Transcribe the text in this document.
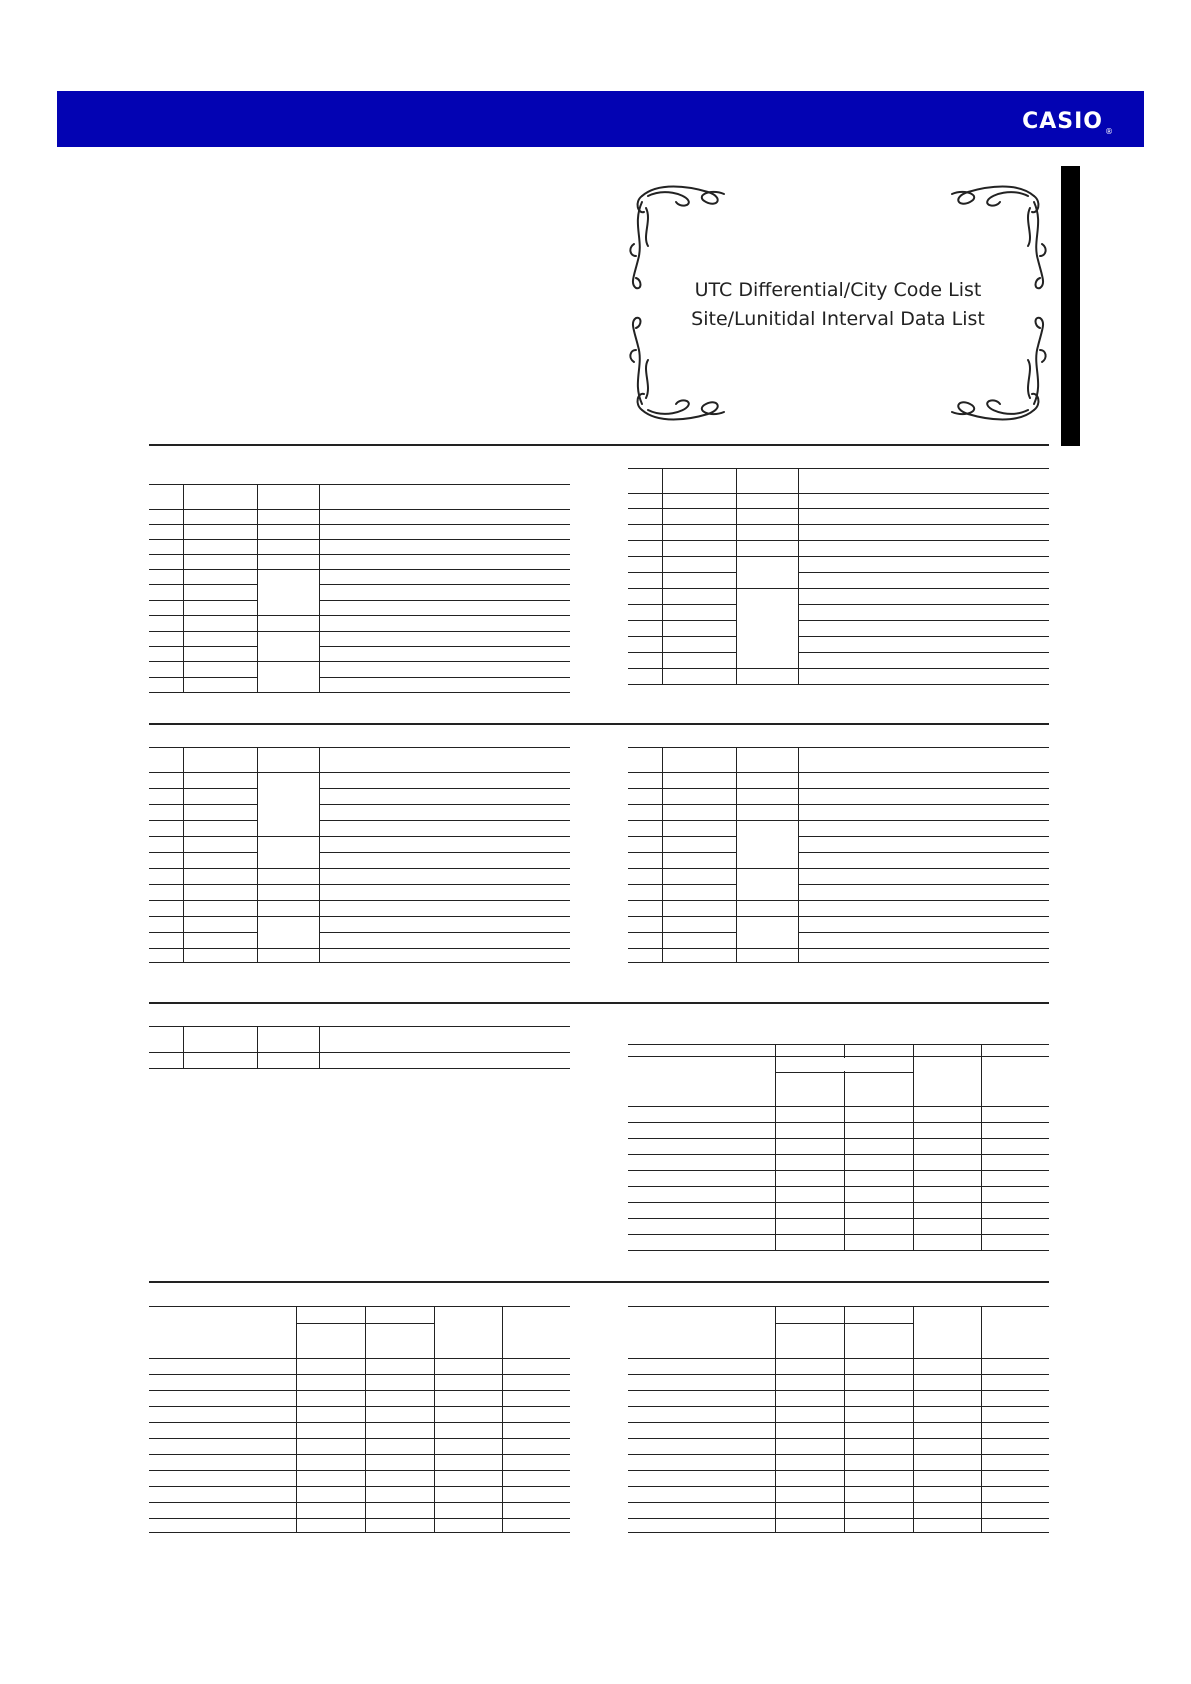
CASIO ®
UTC Differential/City Code List
Site/Lunitidal Interval Data List
